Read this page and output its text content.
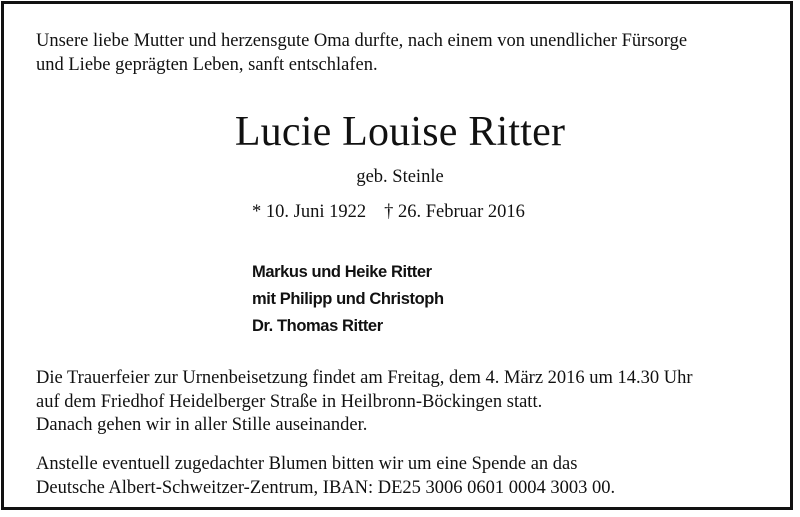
Unsere liebe Mutter und herzensgute Oma durfte, nach einem von unendlicher Fürsorge
und Liebe geprägten Leben, sanft entschlafen.

Lucie Louise Ritter

geb. Steinle

* 10. Juni 1922 † 26. Februar 2016

Markus und Heike Ritter
mit Philipp und Christoph
Dr. Thomas Ritter

Die Trauerfeier zur Urnenbeisetzung findet am Freitag, dem 4. März 2016 um 14.30 Uhr
auf dem Friedhof Heidelberger Straße in Heilbronn-Böckingen statt.
Danach gehen wir in aller Stille auseinander.

Anstelle eventuell zugedachter Blumen bitten wir um eine Spende an das
Deutsche Albert-Schweitzer-Zentrum, IBAN: DE25 3006 0601 0004 3003 00.
